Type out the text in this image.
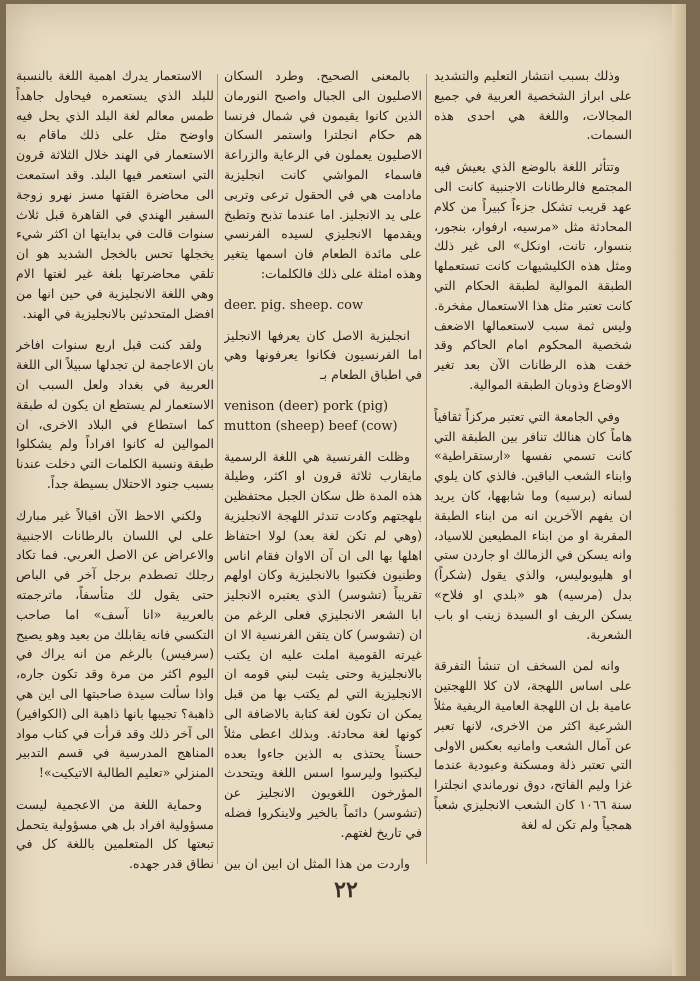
وذلك بسبب انتشار التعليم والتشديد على ابراز الشخصية العربية في جميع المجالات، واللغة هي احدى هذه السمات.

وتتأثر اللغة بالوضع الذي يعيش فيه المجتمع فالرطانات الاجنبية كانت الى عهد قريب تشكل جزءاً كبيراً من كلام المحادثة مثل «مرسيه، ارفوار، بنجور، بنسوار، تانت، اونكل» الى غير ذلك ومثل هذه الكليشيهات كانت تستعملها الطبقة الموالية لطبقة الحكام التي كانت تعتبر مثل هذا الاستعمال مفخرة. وليس ثمة سبب لاستعمالها الاضعف شخصية المحكوم امام الحاكم وقد خفت هذه الرطانات الآن بعد تغير الاوضاع وذوبان الطبقة الموالية.

وفي الجامعة التي تعتبر مركزاً ثقافياً هاماً كان هنالك تنافر بين الطبقة التي كانت تسمي نفسها «ارستقراطية» وابناء الشعب الباقين. فالذي كان يلوي لسانه (برسيه) وما شابهها، كان يريد ان يفهم الآخرين انه من ابناء الطبقة المقربة او من ابناء المطيعين للاسياد، وانه يسكن في الزمالك او جاردن ستي او هليوبوليس، والذي يقول (شكراً) بدل (مرسيه) هو «بلدي او فلاح» يسكن الريف او السيدة زينب او باب الشعرية.

وانه لمن السخف ان تنشأ التفرقة على اساس اللهجة، لان كلا اللهجتين عامية بل ان اللهجة العامية الريفية مثلاً الشرعية اكثر من الاخرى، لانها تعبر عن آمال الشعب وامانيه بعكس الاولى التي تعتبر ذلة ومسكنة وعبودية عندما غزا وليم الفاتح، دوق نورماندي انجلترا سنة ١٠٦٦ كان الشعب الانجليزي شعباً همجياً ولم تكن له لغة

بالمعنى الصحيح. وطرد السكان الاصليون الى الجبال واصبح النورمان الذين كانوا يقيمون في شمال فرنسا هم حكام انجلترا واستمر السكان الاصليون يعملون في الرعاية والزراعة فاسماء المواشي كانت انجليزية مادامت هي في الحقول ترعى وتربى على يد الانجليز. اما عندما تذبح وتطبخ ويقدمها الانجليزي لسيده الفرنسي على مائدة الطعام فان اسمها يتغير وهذه امثلة على ذلك فالكلمات:

deer. pig. sheep. cow

انجليزية الاصل كان يعرفها الانجليز اما الفرنسيون فكانوا يعرفونها وهي في اطباق الطعام بـ

venison (deer) pork (pig) mutton (sheep) beef (cow)

وظلت الفرنسية هي اللغة الرسمية مايقارب ثلاثة قرون او اكثر، وطيلة هذه المدة ظل سكان الجبل محتفظين بلهجتهم وكادت تندثر اللهجة الانجليزية (وهي لم تكن لغة بعد) لولا احتفاظ اهلها بها الى ان آن الاوان فقام اناس وطنيون فكتبوا بالانجليزية وكان اولهم تقريباً (تشوسر) الذي يعتبره الانجليز ابا الشعر الانجليزي فعلى الرغم من ان (تشوسر) كان يتقن الفرنسية الا ان غيرته القومية املت عليه ان يكتب بالانجليزية وحتى يثبت لبني قومه ان الانجليزية التي لم يكتب بها من قبل يمكن ان تكون لغة كتابة بالاضافة الى كونها لغة محادثة. وبذلك اعطى مثلاً حسناً يحتذى به الذين جاءوا بعده ليكتبوا وليرسوا اسس اللغة ويتحدث المؤرخون اللغويون الانجليز عن (تشوسر) دائماً بالخير ولاينكروا فضله في تاريخ لغتهم.

واردت من هذا المثل ان ابين ان بين

الاستعمار يدرك اهمية اللغة بالنسبة للبلد الذي يستعمره فيحاول جاهداً طمس معالم لغة البلد الذي يحل فيه واوضح مثل على ذلك ماقام به الاستعمار في الهند خلال الثلاثة قرون التي استعمر فيها البلد. وقد استمعت الى محاضرة القتها مسز نهرو زوجة السفير الهندي في القاهرة قبل ثلاث سنوات قالت في بدايتها ان اكثر شيء يخجلها تحس بالخجل الشديد هو ان تلقي محاضرتها بلغة غير لغتها الام وهي اللغة الانجليزية في حين انها من افضل المتحدثين بالانجليزية في الهند.

ولقد كنت قبل اربع سنوات افاخر بان الاعاجمة لن تجدلها سبيلاً الى اللغة العربية في بغداد ولعل السبب ان الاستعمار لم يستطع ان يكون له طبقة كما استطاع في البلاد الاخرى، ان الموالين له كانوا افراداً ولم يشكلوا طبقة ونسبة الكلمات التي دخلت عندنا بسبب جنود الاحتلال بسيطة جداً.

ولكني الاحظ الآن اقبالاً غير مبارك على لي اللسان بالرطانات الاجنبية والاعراض عن الاصل العربي. فما تكاد رجلك تصطدم برجل آخر في الباص حتى يقول لك متأسفاً، ماترجمته بالعربية «انا آسف» اما صاحب التكسي فانه يقابلك من بعيد وهو يصيح (سرفيس) بالرغم من انه يراك في اليوم اكثر من مرة وقد تكون جاره، واذا سألت سيدة صاحبتها الى اين هي ذاهبة؟ تجيبها بانها ذاهبة الى (الكوافير) الى آخر ذلك وقد قرأت في كتاب مواد المناهج المدرسية في قسم التدبير المنزلي «تعليم الطالبة الاتيكيت»!

وحماية اللغة من الاعجمية ليست مسؤولية افراد بل هي مسؤولية يتحمل تبعتها كل المتعلمين باللغة كل في نطاق قدر جهده.

٢٢
